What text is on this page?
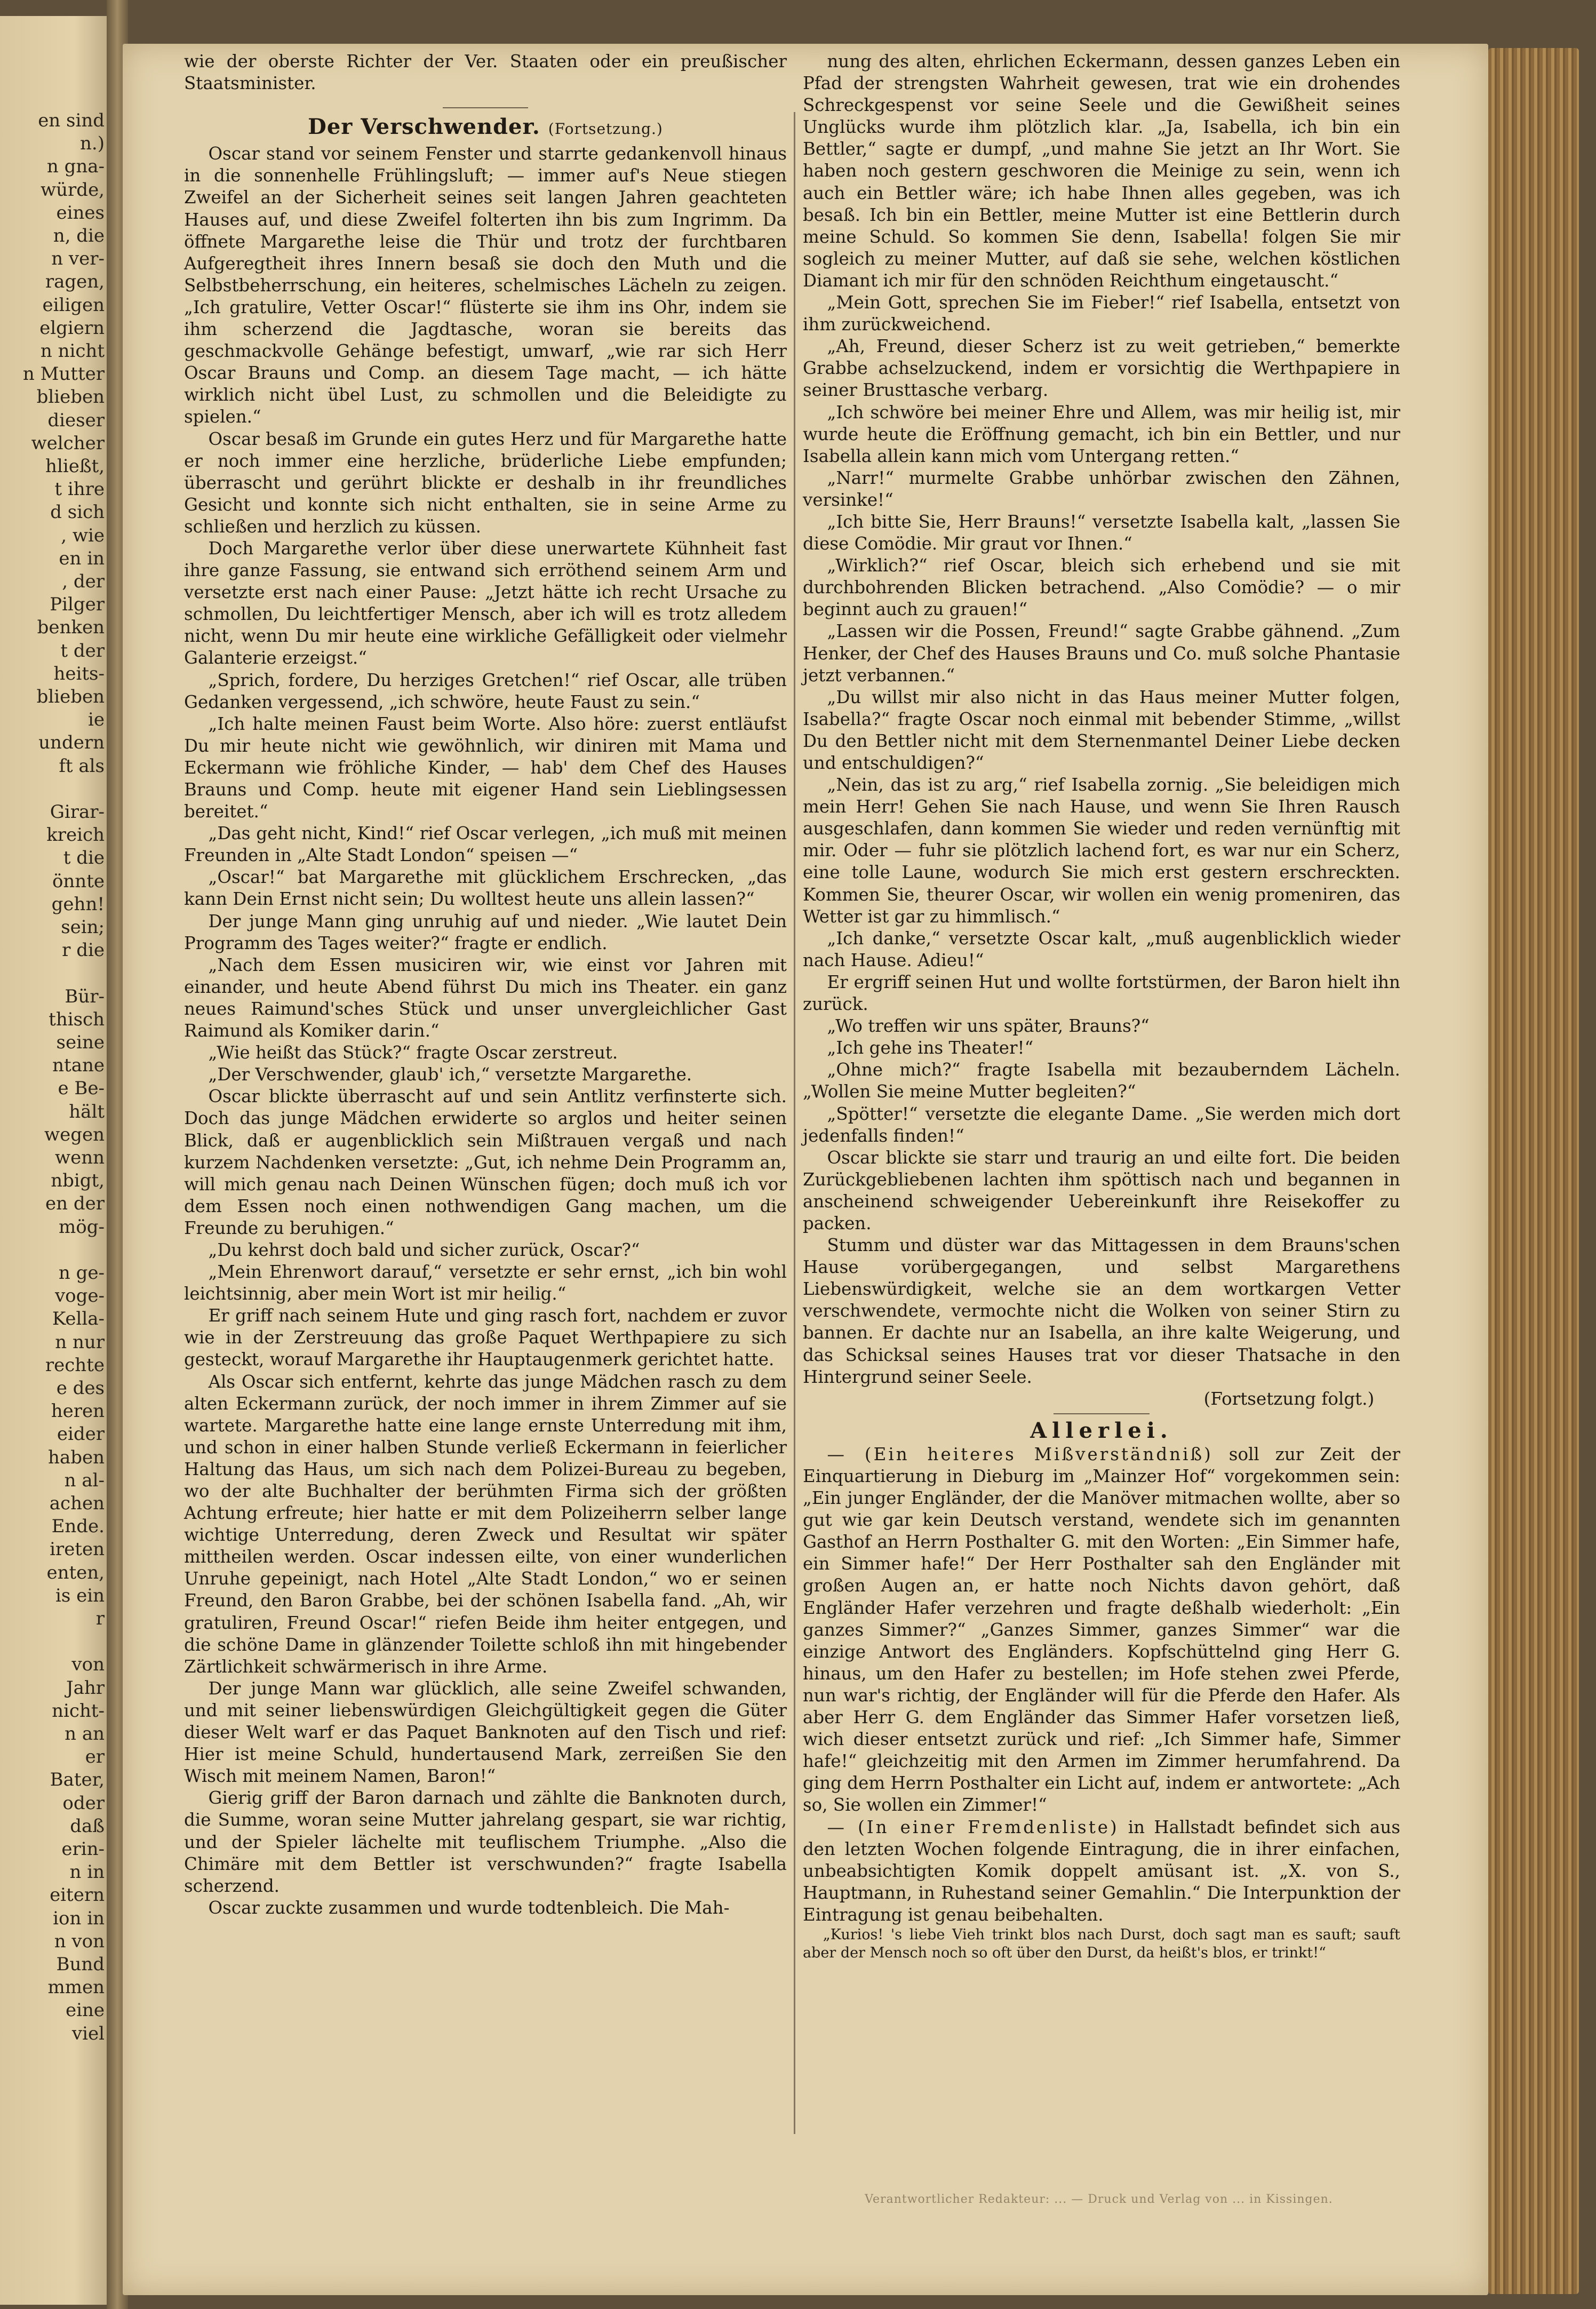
en sind
n.)
n gna-
würde,
eines
n, die
n ver-
ragen,
eiligen
elgiern
n nicht
n Mutter
blieben
dieser
welcher
hließt,
t ihre
d sich
, wie
en in
, der
Pilger
benken
t der
heits-
blieben
ie
undern
ft als
Girar-
kreich
t die
önnte
gehn!
sein;
r die
Bür-
thisch
seine
ntane
e Be-
hält
wegen
wenn
nbigt,
en der
mög-
n ge-
voge-
Kella-
n nur
rechte
e des
heren
eider
haben
n al-
achen
Ende.
ireten
enten,
is ein
r
von
Jahr
nicht-
n an
er
Bater,
oder
daß
erin-
n in
eitern
ion in
n von
Bund
mmen
eine
viel

wie der oberste Richter der Ver. Staaten oder ein preußischer Staatsminister.

Der Verschwender. (Fortsetzung.)

Oscar stand vor seinem Fenster und starrte gedankenvoll hinaus in die sonnenhelle Frühlingsluft; — immer auf's Neue stiegen Zweifel an der Sicherheit seines seit langen Jahren geachteten Hauses auf, und diese Zweifel folterten ihn bis zum Ingrimm. Da öffnete Margarethe leise die Thür und trotz der furchtbaren Aufgeregtheit ihres Innern besaß sie doch den Muth und die Selbstbeherrschung, ein heiteres, schelmisches Lächeln zu zeigen. „Ich gratulire, Vetter Oscar!“ flüsterte sie ihm ins Ohr, indem sie ihm scherzend die Jagdtasche, woran sie bereits das geschmackvolle Gehänge befestigt, umwarf, „wie rar sich Herr Oscar Brauns und Comp. an diesem Tage macht, — ich hätte wirklich nicht übel Lust, zu schmollen und die Beleidigte zu spielen.“

Oscar besaß im Grunde ein gutes Herz und für Margarethe hatte er noch immer eine herzliche, brüderliche Liebe empfunden; überrascht und gerührt blickte er deshalb in ihr freundliches Gesicht und konnte sich nicht enthalten, sie in seine Arme zu schließen und herzlich zu küssen.

Doch Margarethe verlor über diese unerwartete Kühnheit fast ihre ganze Fassung, sie entwand sich erröthend seinem Arm und versetzte erst nach einer Pause: „Jetzt hätte ich recht Ursache zu schmollen, Du leichtfertiger Mensch, aber ich will es trotz alledem nicht, wenn Du mir heute eine wirkliche Gefälligkeit oder vielmehr Galanterie erzeigst.“

„Sprich, fordere, Du herziges Gretchen!“ rief Oscar, alle trüben Gedanken vergessend, „ich schwöre, heute Faust zu sein.“

„Ich halte meinen Faust beim Worte. Also höre: zuerst entläufst Du mir heute nicht wie gewöhnlich, wir diniren mit Mama und Eckermann wie fröhliche Kinder, — hab' dem Chef des Hauses Brauns und Comp. heute mit eigener Hand sein Lieblingsessen bereitet.“

„Das geht nicht, Kind!“ rief Oscar verlegen, „ich muß mit meinen Freunden in „Alte Stadt London“ speisen —“

„Oscar!“ bat Margarethe mit glücklichem Erschrecken, „das kann Dein Ernst nicht sein; Du wolltest heute uns allein lassen?“

Der junge Mann ging unruhig auf und nieder. „Wie lautet Dein Programm des Tages weiter?“ fragte er endlich.

„Nach dem Essen musiciren wir, wie einst vor Jahren mit einander, und heute Abend führst Du mich ins Theater. ein ganz neues Raimund'sches Stück und unser unvergleichlicher Gast Raimund als Komiker darin.“

„Wie heißt das Stück?“ fragte Oscar zerstreut.

„Der Verschwender, glaub' ich,“ versetzte Margarethe.

Oscar blickte überrascht auf und sein Antlitz verfinsterte sich. Doch das junge Mädchen erwiderte so arglos und heiter seinen Blick, daß er augenblicklich sein Mißtrauen vergaß und nach kurzem Nachdenken versetzte: „Gut, ich nehme Dein Programm an, will mich genau nach Deinen Wünschen fügen; doch muß ich vor dem Essen noch einen nothwendigen Gang machen, um die Freunde zu beruhigen.“

„Du kehrst doch bald und sicher zurück, Oscar?“

„Mein Ehrenwort darauf,“ versetzte er sehr ernst, „ich bin wohl leichtsinnig, aber mein Wort ist mir heilig.“

Er griff nach seinem Hute und ging rasch fort, nachdem er zuvor wie in der Zerstreuung das große Paquet Werthpapiere zu sich gesteckt, worauf Margarethe ihr Hauptaugenmerk gerichtet hatte.

Als Oscar sich entfernt, kehrte das junge Mädchen rasch zu dem alten Eckermann zurück, der noch immer in ihrem Zimmer auf sie wartete. Margarethe hatte eine lange ernste Unterredung mit ihm, und schon in einer halben Stunde verließ Eckermann in feierlicher Haltung das Haus, um sich nach dem Polizei-Bureau zu begeben, wo der alte Buchhalter der berühmten Firma sich der größten Achtung erfreute; hier hatte er mit dem Polizeiherrn selber lange wichtige Unterredung, deren Zweck und Resultat wir später mittheilen werden. Oscar indessen eilte, von einer wunderlichen Unruhe gepeinigt, nach Hotel „Alte Stadt London,“ wo er seinen Freund, den Baron Grabbe, bei der schönen Isabella fand. „Ah, wir gratuliren, Freund Oscar!“ riefen Beide ihm heiter entgegen, und die schöne Dame in glänzender Toilette schloß ihn mit hingebender Zärtlichkeit schwärmerisch in ihre Arme.

Der junge Mann war glücklich, alle seine Zweifel schwanden, und mit seiner liebenswürdigen Gleichgültigkeit gegen die Güter dieser Welt warf er das Paquet Banknoten auf den Tisch und rief: Hier ist meine Schuld, hundertausend Mark, zerreißen Sie den Wisch mit meinem Namen, Baron!“

Gierig griff der Baron darnach und zählte die Banknoten durch, die Summe, woran seine Mutter jahrelang gespart, sie war richtig, und der Spieler lächelte mit teuflischem Triumphe. „Also die Chimäre mit dem Bettler ist verschwunden?“ fragte Isabella scherzend.

Oscar zuckte zusammen und wurde todtenbleich. Die Mah-

nung des alten, ehrlichen Eckermann, dessen ganzes Leben ein Pfad der strengsten Wahrheit gewesen, trat wie ein drohendes Schreckgespenst vor seine Seele und die Gewißheit seines Unglücks wurde ihm plötzlich klar. „Ja, Isabella, ich bin ein Bettler,“ sagte er dumpf, „und mahne Sie jetzt an Ihr Wort. Sie haben noch gestern geschworen die Meinige zu sein, wenn ich auch ein Bettler wäre; ich habe Ihnen alles gegeben, was ich besaß. Ich bin ein Bettler, meine Mutter ist eine Bettlerin durch meine Schuld. So kommen Sie denn, Isabella! folgen Sie mir sogleich zu meiner Mutter, auf daß sie sehe, welchen köstlichen Diamant ich mir für den schnöden Reichthum eingetauscht.“

„Mein Gott, sprechen Sie im Fieber!“ rief Isabella, entsetzt von ihm zurückweichend.

„Ah, Freund, dieser Scherz ist zu weit getrieben,“ bemerkte Grabbe achselzuckend, indem er vorsichtig die Werthpapiere in seiner Brusttasche verbarg.

„Ich schwöre bei meiner Ehre und Allem, was mir heilig ist, mir wurde heute die Eröffnung gemacht, ich bin ein Bettler, und nur Isabella allein kann mich vom Untergang retten.“

„Narr!“ murmelte Grabbe unhörbar zwischen den Zähnen, versinke!“

„Ich bitte Sie, Herr Brauns!“ versetzte Isabella kalt, „lassen Sie diese Comödie. Mir graut vor Ihnen.“

„Wirklich?“ rief Oscar, bleich sich erhebend und sie mit durchbohrenden Blicken betrachend. „Also Comödie? — o mir beginnt auch zu grauen!“

„Lassen wir die Possen, Freund!“ sagte Grabbe gähnend. „Zum Henker, der Chef des Hauses Brauns und Co. muß solche Phantasie jetzt verbannen.“

„Du willst mir also nicht in das Haus meiner Mutter folgen, Isabella?“ fragte Oscar noch einmal mit bebender Stimme, „willst Du den Bettler nicht mit dem Sternenmantel Deiner Liebe decken und entschuldigen?“

„Nein, das ist zu arg,“ rief Isabella zornig. „Sie beleidigen mich mein Herr! Gehen Sie nach Hause, und wenn Sie Ihren Rausch ausgeschlafen, dann kommen Sie wieder und reden vernünftig mit mir. Oder — fuhr sie plötzlich lachend fort, es war nur ein Scherz, eine tolle Laune, wodurch Sie mich erst gestern erschreckten. Kommen Sie, theurer Oscar, wir wollen ein wenig promeniren, das Wetter ist gar zu himmlisch.“

„Ich danke,“ versetzte Oscar kalt, „muß augenblicklich wieder nach Hause. Adieu!“

Er ergriff seinen Hut und wollte fortstürmen, der Baron hielt ihn zurück.

„Wo treffen wir uns später, Brauns?“

„Ich gehe ins Theater!“

„Ohne mich?“ fragte Isabella mit bezauberndem Lächeln. „Wollen Sie meine Mutter begleiten?“

„Spötter!“ versetzte die elegante Dame. „Sie werden mich dort jedenfalls finden!“

Oscar blickte sie starr und traurig an und eilte fort. Die beiden Zurückgebliebenen lachten ihm spöttisch nach und begannen in anscheinend schweigender Uebereinkunft ihre Reisekoffer zu packen.

Stumm und düster war das Mittagessen in dem Brauns'schen Hause vorübergegangen, und selbst Margarethens Liebenswürdigkeit, welche sie an dem wortkargen Vetter verschwendete, vermochte nicht die Wolken von seiner Stirn zu bannen. Er dachte nur an Isabella, an ihre kalte Weigerung, und das Schicksal seines Hauses trat vor dieser Thatsache in den Hintergrund seiner Seele.

(Fortsetzung folgt.)

Allerlei.

— (Ein heiteres Mißverständniß) soll zur Zeit der Einquartierung in Dieburg im „Mainzer Hof“ vorgekommen sein: „Ein junger Engländer, der die Manöver mitmachen wollte, aber so gut wie gar kein Deutsch verstand, wendete sich im genannten Gasthof an Herrn Posthalter G. mit den Worten: „Ein Simmer hafe, ein Simmer hafe!“ Der Herr Posthalter sah den Engländer mit großen Augen an, er hatte noch Nichts davon gehört, daß Engländer Hafer verzehren und fragte deßhalb wiederholt: „Ein ganzes Simmer?“ „Ganzes Simmer, ganzes Simmer“ war die einzige Antwort des Engländers. Kopfschüttelnd ging Herr G. hinaus, um den Hafer zu bestellen; im Hofe stehen zwei Pferde, nun war's richtig, der Engländer will für die Pferde den Hafer. Als aber Herr G. dem Engländer das Simmer Hafer vorsetzen ließ, wich dieser entsetzt zurück und rief: „Ich Simmer hafe, Simmer hafe!“ gleichzeitig mit den Armen im Zimmer herumfahrend. Da ging dem Herrn Posthalter ein Licht auf, indem er antwortete: „Ach so, Sie wollen ein Zimmer!“

— (In einer Fremdenliste) in Hallstadt befindet sich aus den letzten Wochen folgende Eintragung, die in ihrer einfachen, unbeabsichtigten Komik doppelt amüsant ist. „X. von S., Hauptmann, in Ruhestand seiner Gemahlin.“ Die Interpunktion der Eintragung ist genau beibehalten.

„Kurios! 's liebe Vieh trinkt blos nach Durst, doch sagt man es sauft; sauft aber der Mensch noch so oft über den Durst, da heißt's blos, er trinkt!“

Verantwortlicher Redakteur: ... — Druck und Verlag von ... in Kissingen.
